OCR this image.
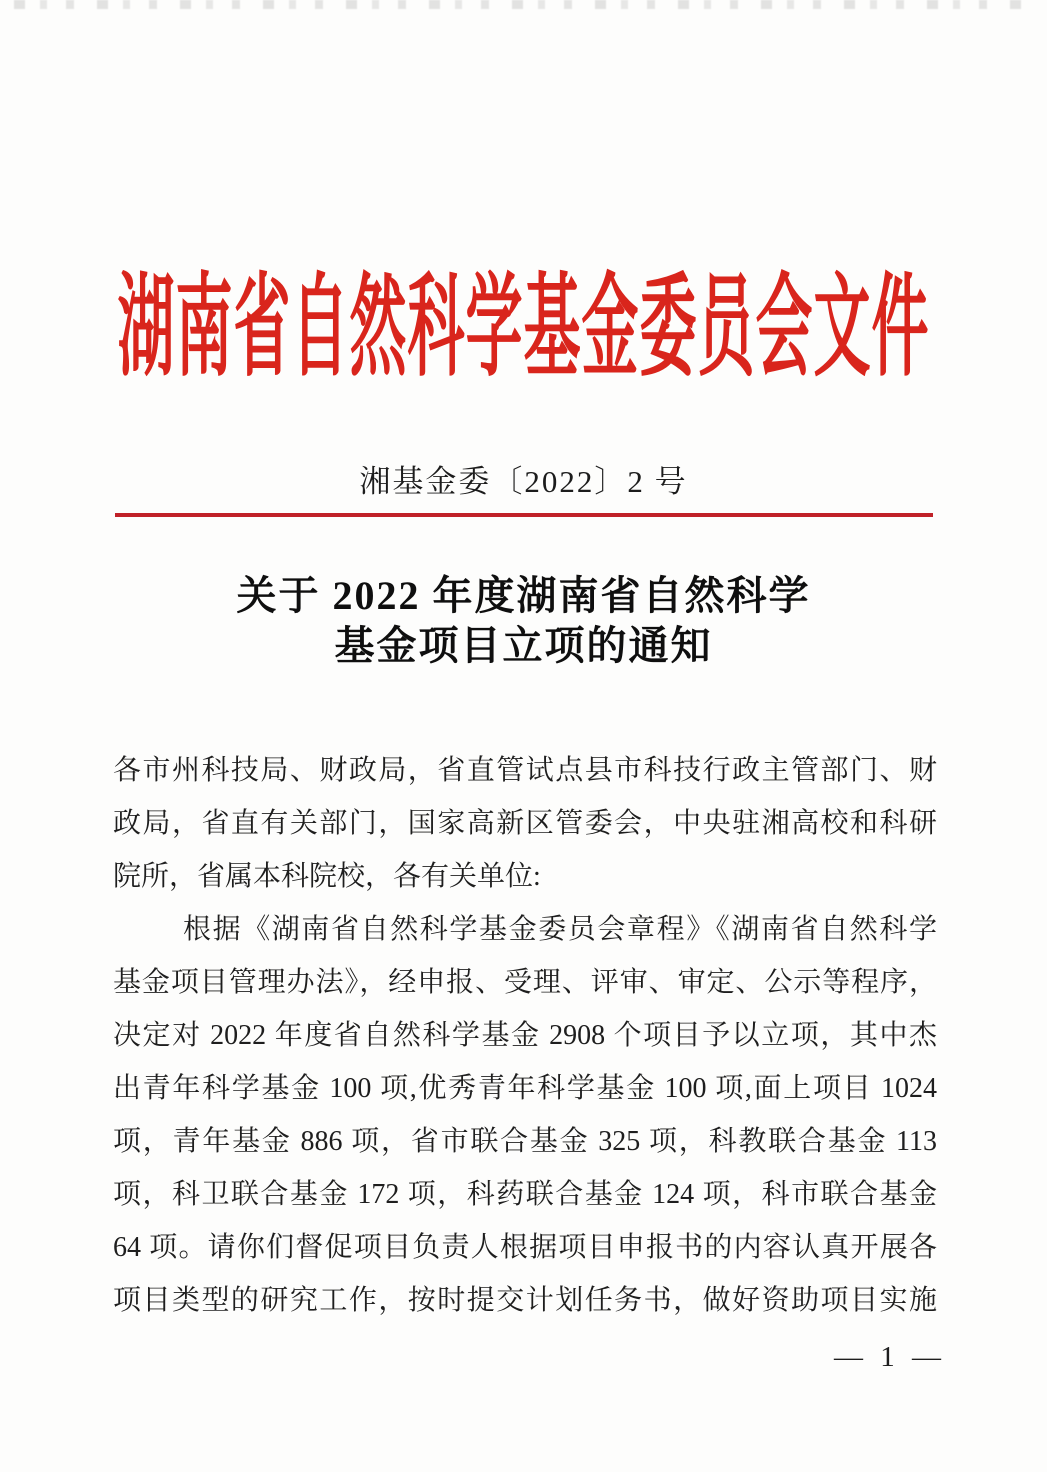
湖南省自然科学基金委员会文件
湘基金委〔2022〕2 号
关于 2022 年度湖南省自然科学
基金项目立项的通知
各市州科技局、财政局，省直管试点县市科技行政主管部门、财
政局，省直有关部门，国家高新区管委会，中央驻湘高校和科研
院所，省属本科院校，各有关单位:
根据《湖南省自然科学基金委员会章程》《湖南省自然科学
基金项目管理办法》，经申报、受理、评审、审定、公示等程序，
决定对 2022 年度省自然科学基金 2908 个项目予以立项，其中杰
出青年科学基金 100 项,优秀青年科学基金 100 项,面上项目 1024
项，青年基金 886 项，省市联合基金 325 项，科教联合基金 113
项，科卫联合基金 172 项，科药联合基金 124 项，科市联合基金
64 项。请你们督促项目负责人根据项目申报书的内容认真开展各
项目类型的研究工作，按时提交计划任务书，做好资助项目实施
— 1 —
